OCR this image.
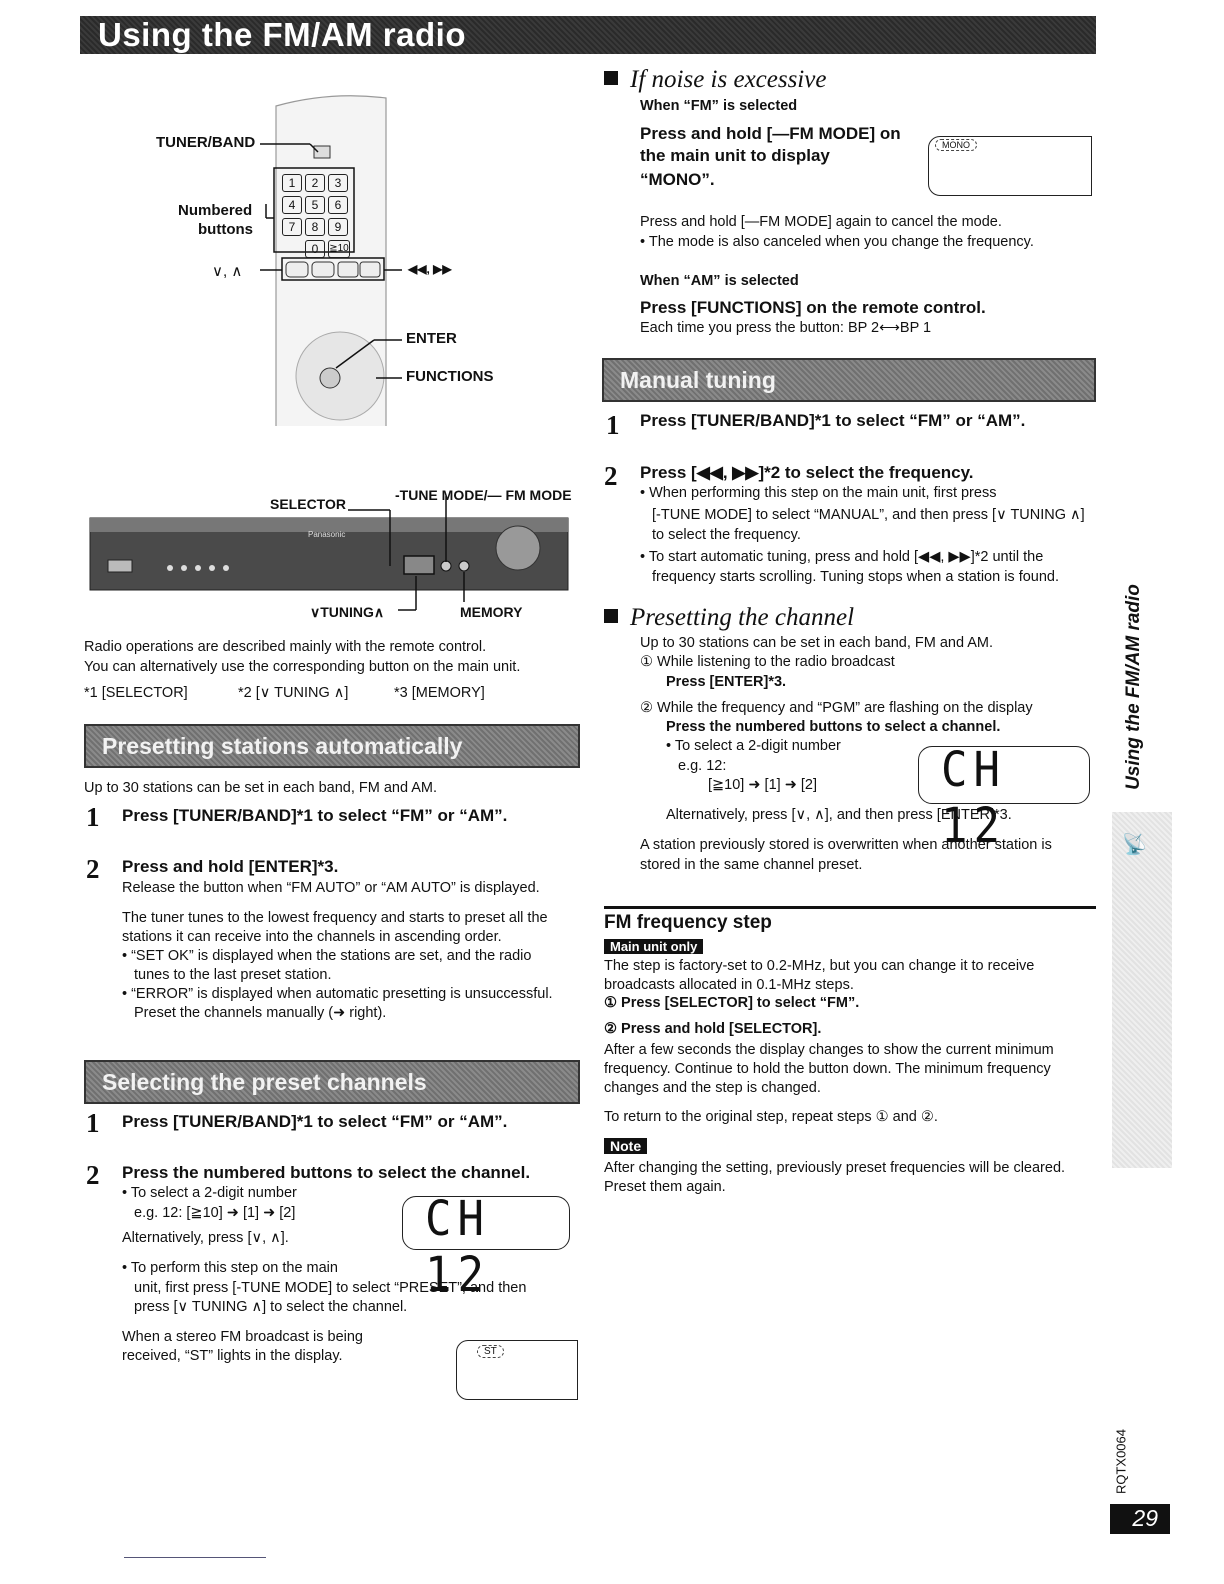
Using the FM/AM radio
TUNER/BAND
Numbered
buttons
∨, ∧	◀◀, ▶▶
ENTER
FUNCTIONS
1	2	3
4	5	6
7	8	9
0	≧10
Panasonic
SELECTOR
-TUNE MODE/— FM MODE
∨TUNING∧	MEMORY
Radio operations are described mainly with the remote control.
You can alternatively use the corresponding button on the main unit.
*1 [SELECTOR]	*2 [∨ TUNING ∧]	*3 [MEMORY]
Presetting stations automatically
Up to 30 stations can be set in each band, FM and AM.
1 Press [TUNER/BAND]*1 to select “FM” or “AM”.
2 Press and hold [ENTER]*3.
Release the button when “FM AUTO” or “AM AUTO” is displayed.
The tuner tunes to the lowest frequency and starts to preset all the
stations it can receive into the channels in ascending order.
• “SET OK” is displayed when the stations are set, and the radio
tunes to the last preset station.
• “ERROR” is displayed when automatic presetting is unsuccessful.
Preset the channels manually (➜ right).
Selecting the preset channels
1 Press [TUNER/BAND]*1 to select “FM” or “AM”.
2 Press the numbered buttons to select the channel.
• To select a 2-digit number
e.g. 12: [≧10] ➜ [1] ➜ [2]
Alternatively, press [∨, ∧].	CH 12
• To perform this step on the main
unit, first press [-TUNE MODE] to select “PRESET”, and then
press [∨ TUNING ∧] to select the channel.
When a stereo FM broadcast is being
received, “ST” lights in the display.	ST
If noise is excessive
When “FM” is selected
Press and hold [—FM MODE] on
the main unit to display
“MONO”.
MONO
Press and hold [—FM MODE] again to cancel the mode.
• The mode is also canceled when you change the frequency.
When “AM” is selected
Press [FUNCTIONS] on the remote control.
Each time you press the button: BP 2⟷BP 1
Manual tuning
1 Press [TUNER/BAND]*1 to select “FM” or “AM”.
2 Press [◀◀, ▶▶]*2 to select the frequency.
• When performing this step on the main unit, first press
[-TUNE MODE] to select “MANUAL”, and then press [∨ TUNING ∧]
to select the frequency.
• To start automatic tuning, press and hold [◀◀, ▶▶]*2 until the
frequency starts scrolling. Tuning stops when a station is found.
Presetting the channel
Up to 30 stations can be set in each band, FM and AM.
① While listening to the radio broadcast
Press [ENTER]*3.
② While the frequency and “PGM” are flashing on the display
Press the numbered buttons to select a channel.
• To select a 2-digit number
e.g. 12:
[≧10] ➜ [1] ➜ [2]	CH 12
Alternatively, press [∨, ∧], and then press [ENTER]*3.
A station previously stored is overwritten when another station is
stored in the same channel preset.
FM frequency step
Main unit only
The step is factory-set to 0.2-MHz, but you can change it to receive
broadcasts allocated in 0.1-MHz steps.
① Press [SELECTOR] to select “FM”.
② Press and hold [SELECTOR].
After a few seconds the display changes to show the current minimum
frequency. Continue to hold the button down. The minimum frequency
changes and the step is changed.
To return to the original step, repeat steps ① and ②.
Note
After changing the setting, previously preset frequencies will be cleared.
Preset them again.
Using the FM/AM radio
📡
RQTX0064
29
